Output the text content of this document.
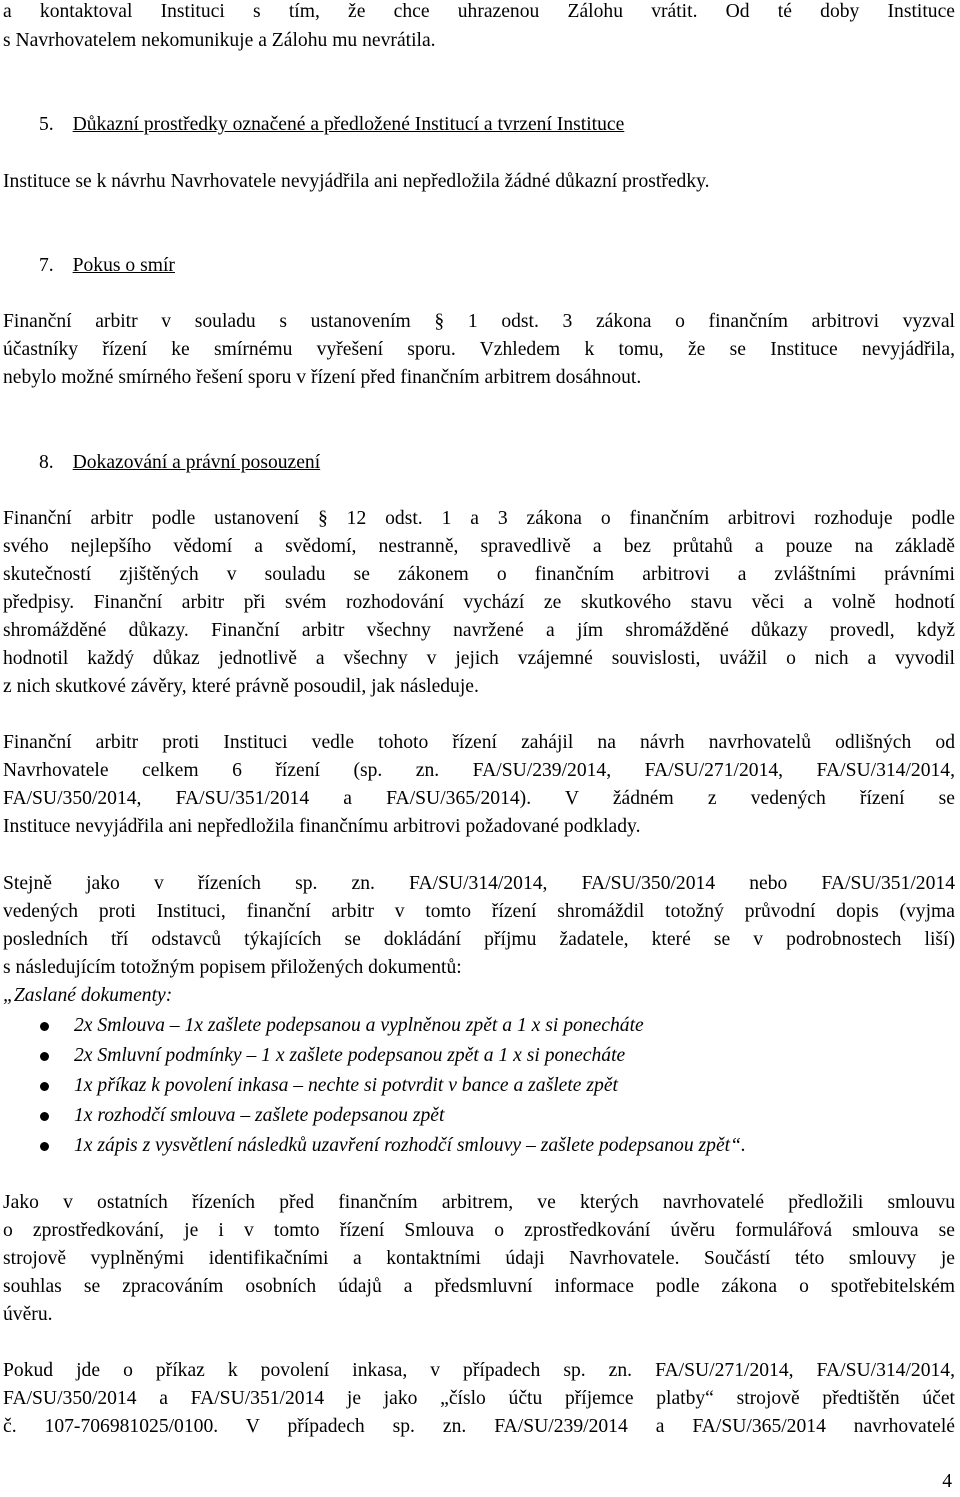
a kontaktoval Instituci s tím, že chce uhrazenou Zálohu vrátit. Od té doby Instituce
s Navrhovatelem nekomunikuje a Zálohu mu nevrátila.
5. Důkazní prostředky označené a předložené Institucí a tvrzení Instituce
Instituce se k návrhu Navrhovatele nevyjádřila ani nepředložila žádné důkazní prostředky.
7. Pokus o smír
Finanční arbitr v souladu s ustanovením § 1 odst. 3 zákona o finančním arbitrovi vyzval
účastníky řízení ke smírnému vyřešení sporu. Vzhledem k tomu, že se Instituce nevyjádřila,
nebylo možné smírného řešení sporu v řízení před finančním arbitrem dosáhnout.
8. Dokazování a právní posouzení
Finanční arbitr podle ustanovení § 12 odst. 1 a 3 zákona o finančním arbitrovi rozhoduje podle
svého nejlepšího vědomí a svědomí, nestranně, spravedlivě a bez průtahů a pouze na základě
skutečností zjištěných v souladu se zákonem o finančním arbitrovi a zvláštními právními
předpisy. Finanční arbitr při svém rozhodování vychází ze skutkového stavu věci a volně hodnotí
shromážděné důkazy. Finanční arbitr všechny navržené a jím shromážděné důkazy provedl, když
hodnotil každý důkaz jednotlivě a všechny v jejich vzájemné souvislosti, uvážil o nich a vyvodil
z nich skutkové závěry, které právně posoudil, jak následuje.
Finanční arbitr proti Instituci vedle tohoto řízení zahájil na návrh navrhovatelů odlišných od
Navrhovatele celkem 6 řízení (sp. zn. FA/SU/239/2014, FA/SU/271/2014, FA/SU/314/2014,
FA/SU/350/2014, FA/SU/351/2014 a FA/SU/365/2014). V žádném z vedených řízení se
Instituce nevyjádřila ani nepředložila finančnímu arbitrovi požadované podklady.
Stejně jako v řízeních sp. zn. FA/SU/314/2014, FA/SU/350/2014 nebo FA/SU/351/2014
vedených proti Instituci, finanční arbitr v tomto řízení shromáždil totožný průvodní dopis (vyjma
posledních tří odstavců týkajících se dokládání příjmu žadatele, které se v podrobnostech liší)
s následujícím totožným popisem přiložených dokumentů:
„Zaslané dokumenty:
2x Smlouva – 1x zašlete podepsanou a vyplněnou zpět a 1 x si ponecháte
2x Smluvní podmínky – 1 x zašlete podepsanou zpět a 1 x si ponecháte
1x příkaz k povolení inkasa – nechte si potvrdit v bance a zašlete zpět
1x rozhodčí smlouva – zašlete podepsanou zpět
1x zápis z vysvětlení následků uzavření rozhodčí smlouvy – zašlete podepsanou zpět“.
Jako v ostatních řízeních před finančním arbitrem, ve kterých navrhovatelé předložili smlouvu
o zprostředkování, je i v tomto řízení Smlouva o zprostředkování úvěru formulářová smlouva se
strojově vyplněnými identifikačními a kontaktními údaji Navrhovatele. Součástí této smlouvy je
souhlas se zpracováním osobních údajů a předsmluvní informace podle zákona o spotřebitelském
úvěru.
Pokud jde o příkaz k povolení inkasa, v případech sp. zn. FA/SU/271/2014, FA/SU/314/2014,
FA/SU/350/2014 a FA/SU/351/2014 je jako „číslo účtu příjemce platby“ strojově předtištěn účet
č. 107-706981025/0100. V případech sp. zn. FA/SU/239/2014 a FA/SU/365/2014 navrhovatelé
4
